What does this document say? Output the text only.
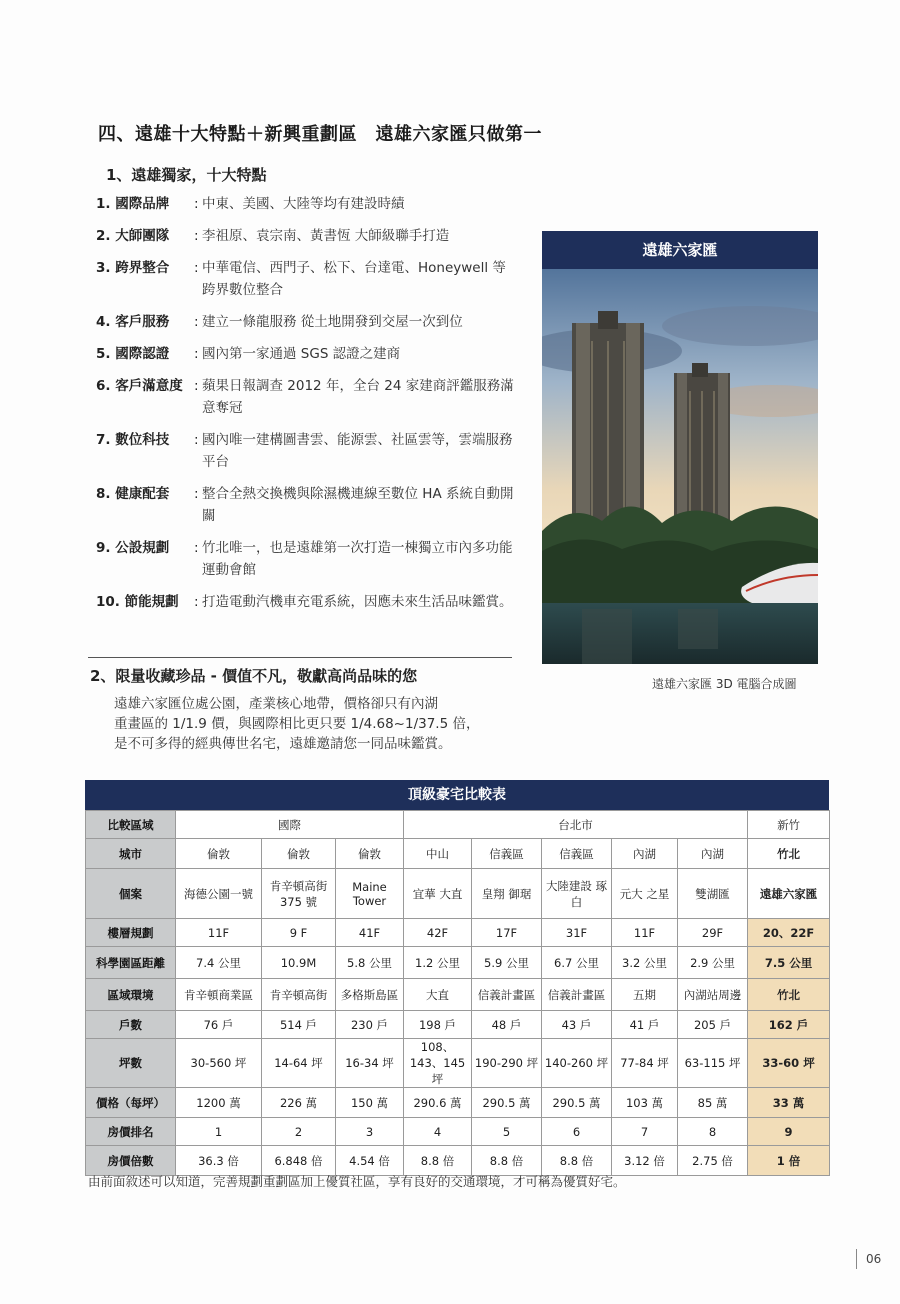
四、遠雄十大特點＋新興重劃區　遠雄六家匯只做第一
1、遠雄獨家，十大特點
1. 國際品牌	: 中東、美國、大陸等均有建設時績
2. 大師團隊	: 李祖原、袁宗南、黃書恆 大師級聯手打造
3. 跨界整合	: 中華電信、西門子、松下、台達電、Honeywell 等跨界數位整合
4. 客戶服務	: 建立一條龍服務 從土地開發到交屋一次到位
5. 國際認證	: 國內第一家通過 SGS 認證之建商
6. 客戶滿意度 : 蘋果日報調查 2012 年，全台 24 家建商評鑑服務滿意奪冠
7. 數位科技	: 國內唯一建構圖書雲、能源雲、社區雲等，雲端服務平台
8. 健康配套	: 整合全熱交換機與除濕機連線至數位 HA 系統自動開關
9. 公設規劃	: 竹北唯一，也是遠雄第一次打造一棟獨立市內多功能運動會館
10. 節能規劃	: 打造電動汽機車充電系統，因應未來生活品味鑑賞。
遠雄六家匯
遠雄六家匯 3D 電腦合成圖
2、限量收藏珍品 - 價值不凡，敬獻高尚品味的您
遠雄六家匯位處公園，產業核心地帶，價格卻只有內湖
重畫區的 1/1.9 價，與國際相比更只要 1/4.68~1/37.5 倍，
是不可多得的經典傳世名宅，遠雄邀請您一同品味鑑賞。
頂級豪宅比較表
比較區域	國際			台北市					新竹
城市	倫敦	倫敦	倫敦	中山	信義區	信義區	內湖	內湖	竹北
個案	海德公園一號	肯辛頓高街 375 號	Maine Tower	宜華 大直	皇翔 御琚	大陸建設 琢白	元大 之星	雙湖匯	遠雄六家匯
樓層規劃	11F	9 F	41F	42F	17F	31F	11F	29F	20、22F
科學園區距離	7.4 公里	10.9M	5.8 公里	1.2 公里	5.9 公里	6.7 公里	3.2 公里	2.9 公里	7.5 公里
區域環境	肯辛頓商業區	肯辛頓高街	多格斯島區	大直	信義計畫區	信義計畫區	五期	內湖站周邊	竹北
戶數	76 戶	514 戶	230 戶	198 戶	48 戶	43 戶	41 戶	205 戶	162 戶
坪數	30-560 坪	14-64 坪	16-34 坪	108、143、145 坪	190-290 坪	140-260 坪	77-84 坪	63-115 坪	33-60 坪
價格（每坪）	1200 萬	226 萬	150 萬	290.6 萬	290.5 萬	290.5 萬	103 萬	85 萬	33 萬
房價排名	1	2	3	4	5	6	7	8	9
房價倍數	36.3 倍	6.848 倍	4.54 倍	8.8 倍	8.8 倍	8.8 倍	3.12 倍	2.75 倍	1 倍
由前面敘述可以知道，完善規劃重劃區加上優質社區，享有良好的交通環境，才可稱為優質好宅。
06
